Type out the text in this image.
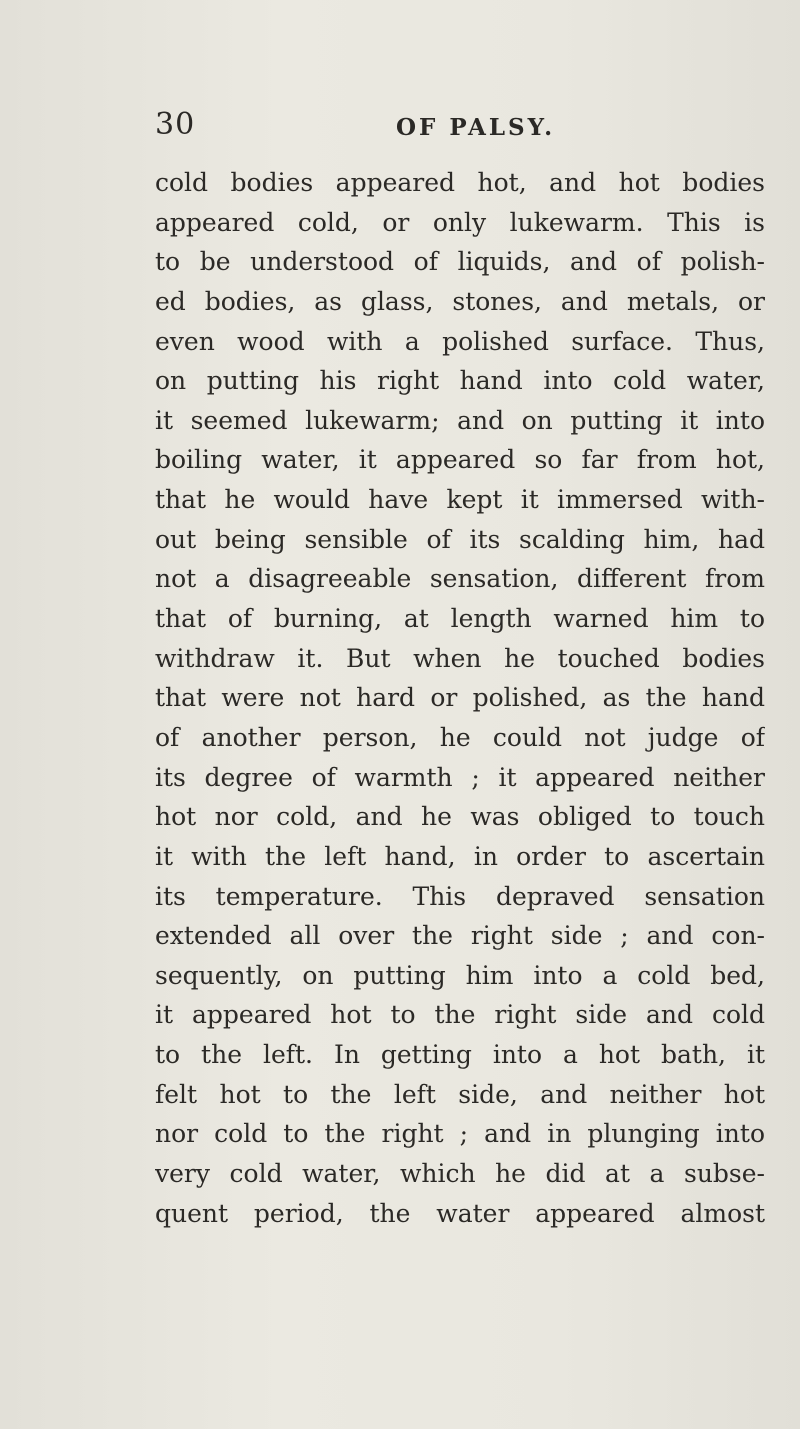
30	OF PALSY.
cold bodies appeared hot, and hot bodies
appeared cold, or only lukewarm. This is
to be understood of liquids, and of polish-
ed bodies, as glass, stones, and metals, or
even wood with a polished surface. Thus,
on putting his right hand into cold water,
it seemed lukewarm; and on putting it into
boiling water, it appeared so far from hot,
that he would have kept it immersed with-
out being sensible of its scalding him, had
not a disagreeable sensation, different from
that of burning, at length warned him to
withdraw it. But when he touched bodies
that were not hard or polished, as the hand
of another person, he could not judge of
its degree of warmth ; it appeared neither
hot nor cold, and he was obliged to touch
it with the left hand, in order to ascertain
its temperature. This depraved sensation
extended all over the right side ; and con-
sequently, on putting him into a cold bed,
it appeared hot to the right side and cold
to the left. In getting into a hot bath, it
felt hot to the left side, and neither hot
nor cold to the right ; and in plunging into
very cold water, which he did at a subse-
quent period, the water appeared almost
